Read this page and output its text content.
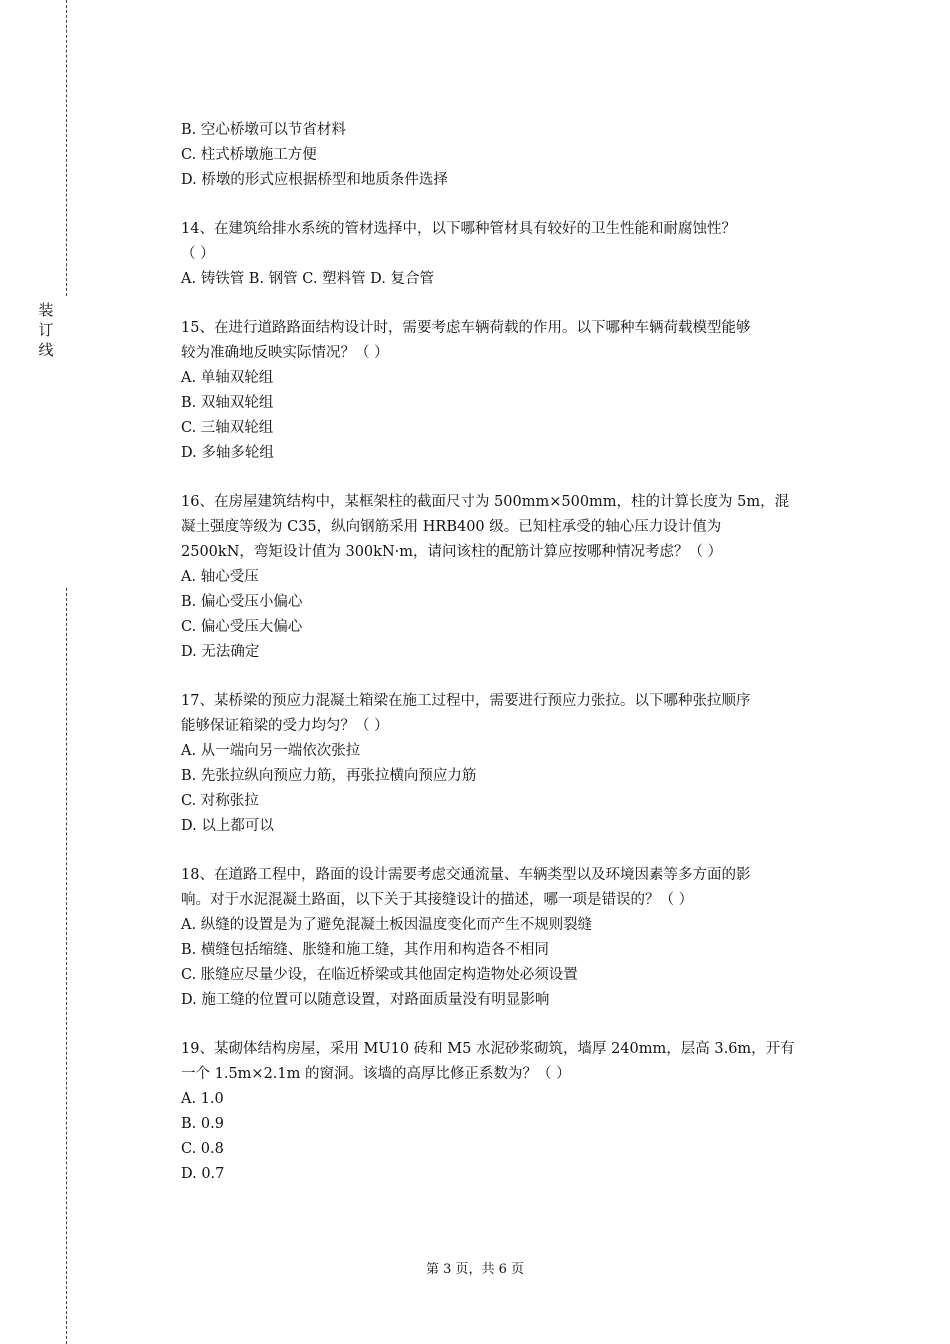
装
订
线
B. 空心桥墩可以节省材料
C. 柱式桥墩施工方便
D. 桥墩的形式应根据桥型和地质条件选择
14、在建筑给排水系统的管材选择中，以下哪种管材具有较好的卫生性能和耐腐蚀性？
（ ）
A. 铸铁管 B. 钢管 C. 塑料管 D. 复合管
15、在进行道路路面结构设计时，需要考虑车辆荷载的作用。以下哪种车辆荷载模型能够
较为准确地反映实际情况？（ ）
A. 单轴双轮组
B. 双轴双轮组
C. 三轴双轮组
D. 多轴多轮组
16、在房屋建筑结构中，某框架柱的截面尺寸为 500mm×500mm，柱的计算长度为 5m，混
凝土强度等级为 C35，纵向钢筋采用 HRB400 级。已知柱承受的轴心压力设计值为
2500kN，弯矩设计值为 300kN·m，请问该柱的配筋计算应按哪种情况考虑？（ ）
A. 轴心受压
B. 偏心受压小偏心
C. 偏心受压大偏心
D. 无法确定
17、某桥梁的预应力混凝土箱梁在施工过程中，需要进行预应力张拉。以下哪种张拉顺序
能够保证箱梁的受力均匀？（ ）
A. 从一端向另一端依次张拉
B. 先张拉纵向预应力筋，再张拉横向预应力筋
C. 对称张拉
D. 以上都可以
18、在道路工程中，路面的设计需要考虑交通流量、车辆类型以及环境因素等多方面的影
响。对于水泥混凝土路面，以下关于其接缝设计的描述，哪一项是错误的？（ ）
A. 纵缝的设置是为了避免混凝土板因温度变化而产生不规则裂缝
B. 横缝包括缩缝、胀缝和施工缝，其作用和构造各不相同
C. 胀缝应尽量少设，在临近桥梁或其他固定构造物处必须设置
D. 施工缝的位置可以随意设置，对路面质量没有明显影响
19、某砌体结构房屋，采用 MU10 砖和 M5 水泥砂浆砌筑，墙厚 240mm，层高 3.6m，开有
一个 1.5m×2.1m 的窗洞。该墙的高厚比修正系数为？（ ）
A. 1.0
B. 0.9
C. 0.8
D. 0.7
第 3 页，共 6 页
